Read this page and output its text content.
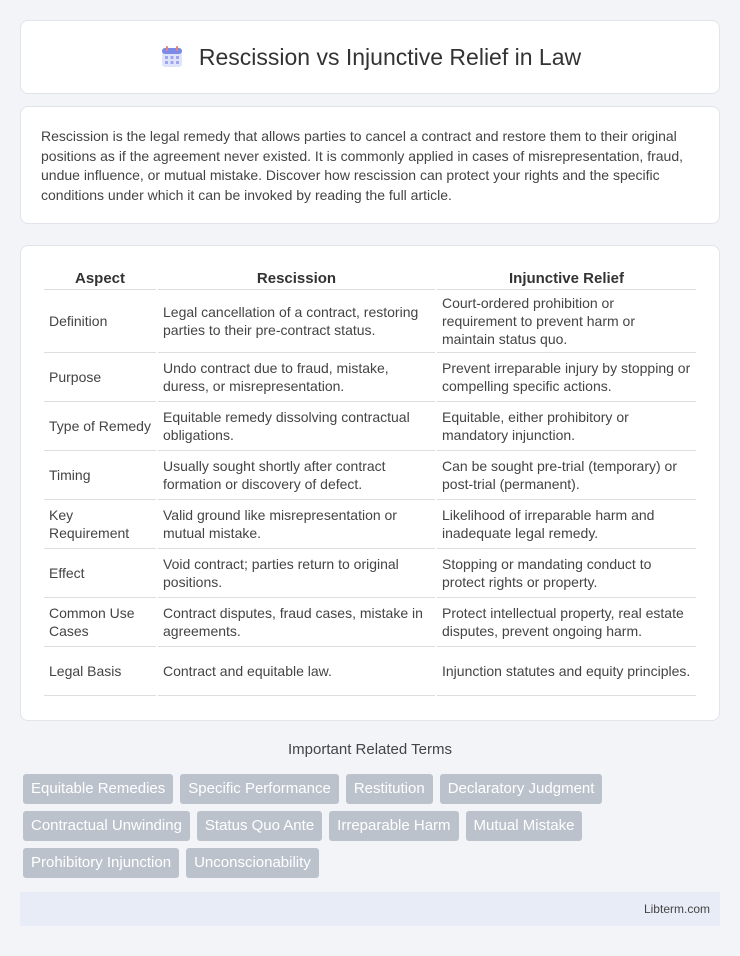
Rescission vs Injunctive Relief in Law

Rescission is the legal remedy that allows parties to cancel a contract and restore them to their original positions as if the agreement never existed. It is commonly applied in cases of misrepresentation, fraud, undue influence, or mutual mistake. Discover how rescission can protect your rights and the specific conditions under which it can be invoked by reading the full article.

Aspect	Rescission	Injunctive Relief
Definition	Legal cancellation of a contract, restoring parties to their pre-contract status.	Court-ordered prohibition or requirement to prevent harm or maintain status quo.
Purpose	Undo contract due to fraud, mistake, duress, or misrepresentation.	Prevent irreparable injury by stopping or compelling specific actions.
Type of Remedy	Equitable remedy dissolving contractual obligations.	Equitable, either prohibitory or mandatory injunction.
Timing	Usually sought shortly after contract formation or discovery of defect.	Can be sought pre-trial (temporary) or post-trial (permanent).
Key Requirement	Valid ground like misrepresentation or mutual mistake.	Likelihood of irreparable harm and inadequate legal remedy.
Effect	Void contract; parties return to original positions.	Stopping or mandating conduct to protect rights or property.
Common Use Cases	Contract disputes, fraud cases, mistake in agreements.	Protect intellectual property, real estate disputes, prevent ongoing harm.
Legal Basis	Contract and equitable law.	Injunction statutes and equity principles.
Important Related Terms
Equitable Remedies	Specific Performance	Restitution	Declaratory Judgment
Contractual Unwinding	Status Quo Ante	Irreparable Harm	Mutual Mistake
Prohibitory Injunction	Unconscionability
Libterm.com
